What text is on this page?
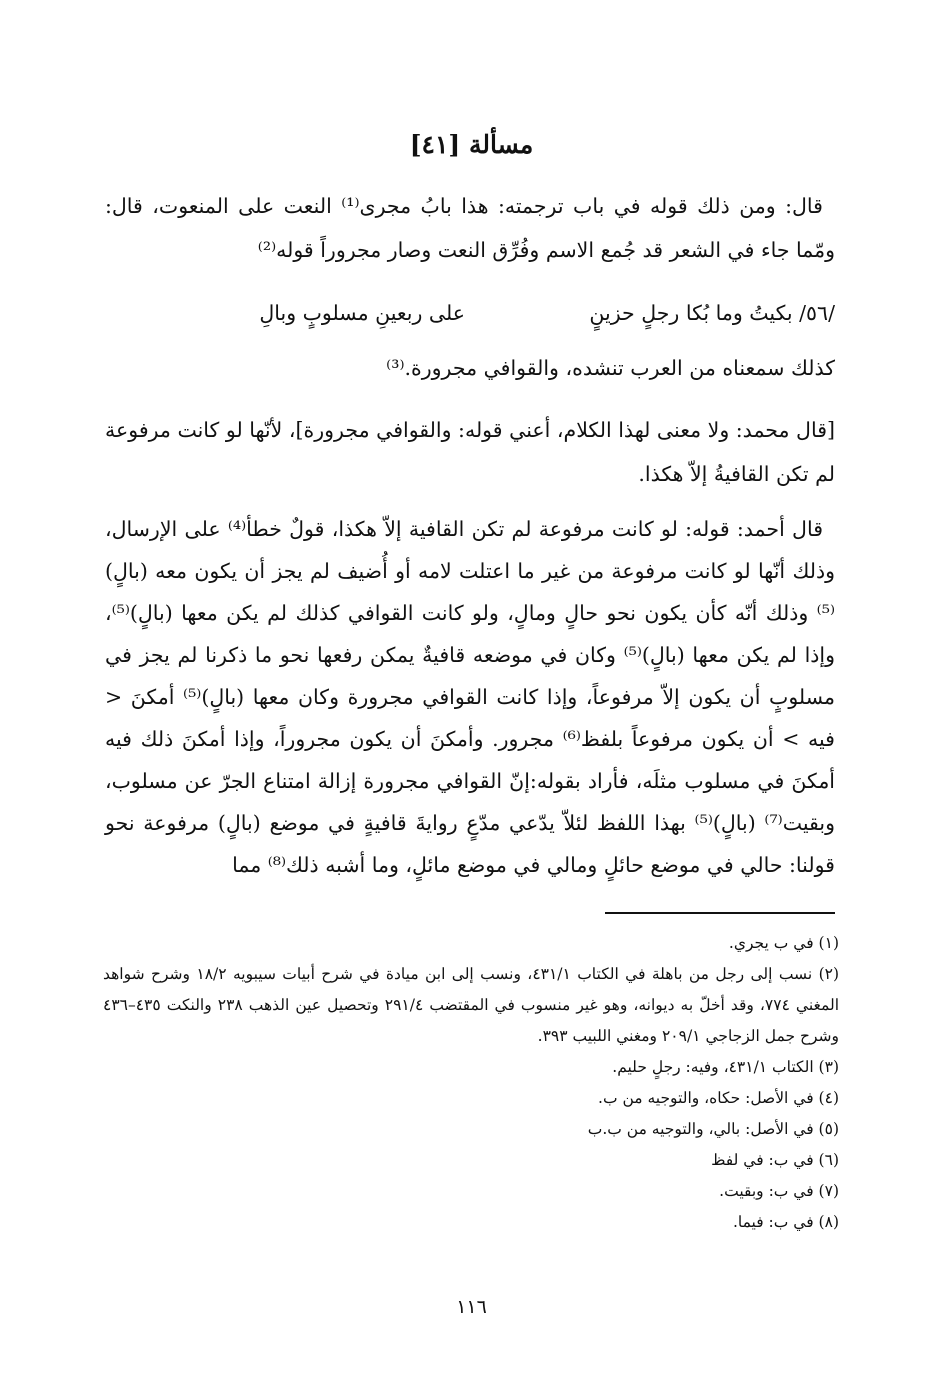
مسألة [٤١]

قال: ومن ذلك قوله في باب ترجمته: هذا بابُ مجرى⁽¹⁾ النعت على المنعوت، قال: ومّما جاء في الشعر قد جُمع الاسم وفُرِّق النعت وصار مجروراً قوله⁽²⁾

/٥٦/ بكيتُ وما بُكا رجلٍ حزينٍ
على ربعينِ مسلوبٍ وبالِ

كذلك سمعناه من العرب تنشده، والقوافي مجرورة.⁽³⁾

[قال محمد: ولا معنى لهذا الكلام، أعني قوله: والقوافي مجرورة]، لأنّها لو كانت مرفوعة لم تكن القافيةُ إلاّ هكذا.

قال أحمد: قوله: لو كانت مرفوعة لم تكن القافية إلاّ هكذا، قولٌ خطأ⁽⁴⁾ على الإرسال، وذلك أنّها لو كانت مرفوعة من غير ما اعتلت لامه أو أُضيف لم يجز أن يكون معه (بالٍ)⁽⁵⁾ وذلك أنّه كأن يكون نحو حالٍ ومالٍ، ولو كانت القوافي كذلك لم يكن معها (بالٍ)⁽⁵⁾، وإذا لم يكن معها (بالٍ)⁽⁵⁾ وكان في موضعه قافيةٌ يمكن رفعها نحو ما ذكرنا لم يجز في مسلوبٍ أن يكون إلاّ مرفوعاً، وإذا كانت القوافي مجرورة وكان معها (بالٍ)⁽⁵⁾ أمكنَ < فيه > أن يكون مرفوعاً بلفظ⁽⁶⁾ مجرور. وأمكنَ أن يكون مجروراً، وإذا أمكنَ ذلك فيه أمكنَ في مسلوب مثلَه، فأراد بقوله:إنّ القوافي مجرورة إزالة امتناع الجرّ عن مسلوب، وبقيت⁽⁷⁾ (بالٍ)⁽⁵⁾ بهذا اللفظ لئلاّ يدّعي مدّعٍ روايةَ قافيةٍ في موضع (بالٍ) مرفوعة نحو قولنا: حالي في موضع حائلٍ ومالي في موضع مائلٍ، وما أشبه ذلك⁽⁸⁾ مما

(١) في ب يجري.

(٢) نسب إلى رجل من باهلة في الكتاب ٤٣١/١، ونسب إلى ابن ميادة في شرح أبيات سيبويه ١٨/٢ وشرح شواهد المغني ٧٧٤، وقد أخلّ به ديوانه، وهو غير منسوب في المقتضب ٢٩١/٤ وتحصيل عين الذهب ٢٣٨ والنكت ٤٣٥–٤٣٦ وشرح جمل الزجاجي ٢٠٩/١ ومغني اللبيب ٣٩٣.

(٣) الكتاب ٤٣١/١، وفيه: رجلٍ حليم.

(٤) في الأصل: حكاه، والتوجيه من ب.

(٥) في الأصل: بالي، والتوجيه من ب.ب

(٦) في ب: في لفظ

(٧) في ب: وبقيت.

(٨) في ب: فيما.

١١٦
